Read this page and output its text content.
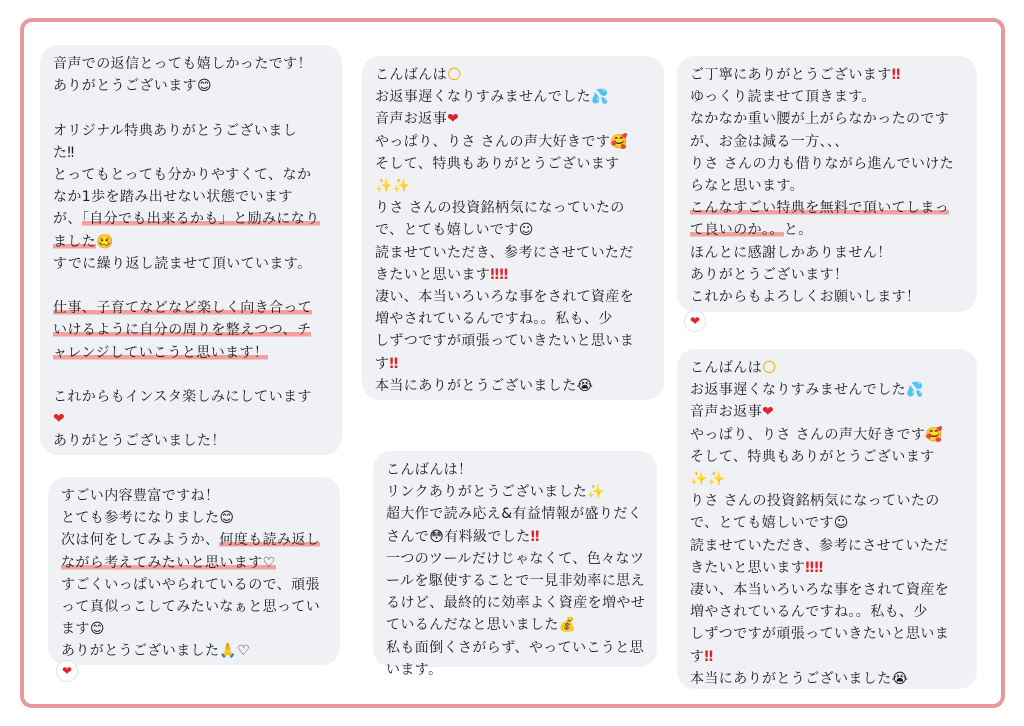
音声での返信とっても嬉しかったです！
ありがとうございます😊
オリジナル特典ありがとうございまし
た‼
とってもとっても分かりやすくて、なか
なか1歩を踏み出せない状態でいます
が、「自分でも出来るかも」と励みになり
ました🥴
すでに繰り返し読ませて頂いています。
仕事、子育てなどなど楽しく向き合って
いけるように自分の周りを整えつつ、チ
ャレンジしていこうと思います！
これからもインスタ楽しみにしています
❤
ありがとうございました！
すごい内容豊富ですね！
とても参考になりました😊
次は何をしてみようか、何度も読み返し
ながら考えてみたいと思います♡
すごくいっぱいやられているので、頑張
って真似っこしてみたいなぁと思ってい
ます😊
ありがとうございました🙏♡
こんばんは🌕
お返事遅くなりすみませんでした💦
音声お返事❤
やっぱり、りさ さんの声大好きです🥰
そして、特典もありがとうございます
✨✨
りさ さんの投資銘柄気になっていたの
で、とても嬉しいです☺
読ませていただき、参考にさせていただ
きたいと思います‼‼
凄い、本当いろいろな事をされて資産を
増やされているんですね。。私も、少
しずつですが頑張っていきたいと思いま
す‼
本当にありがとうございました😭
こんばんは！
リンクありがとうございました✨
超大作で読み応え&有益情報が盛りだく
さんで😳有料級でした‼
一つのツールだけじゃなくて、色々なツ
ールを駆使することで一見非効率に思え
るけど、最終的に効率よく資産を増やせ
ているんだなと思いました💰
私も面倒くさがらず、やっていこうと思
います。
ご丁寧にありがとうございます‼
ゆっくり読ませて頂きます。
なかなか重い腰が上がらなかったのです
が、お金は減る一方、、、
りさ さんの力も借りながら進んでいけた
らなと思います。
こんなすごい特典を無料で頂いてしまっ
て良いのか。。と。
ほんとに感謝しかありません！
ありがとうございます！
これからもよろしくお願いします！
こんばんは🌕
お返事遅くなりすみませんでした💦
音声お返事❤
やっぱり、りさ さんの声大好きです🥰
そして、特典もありがとうございます
✨✨
りさ さんの投資銘柄気になっていたの
で、とても嬉しいです☺
読ませていただき、参考にさせていただ
きたいと思います‼‼
凄い、本当いろいろな事をされて資産を
増やされているんですね。。私も、少
しずつですが頑張っていきたいと思いま
す‼
本当にありがとうございました😭
❤
❤
